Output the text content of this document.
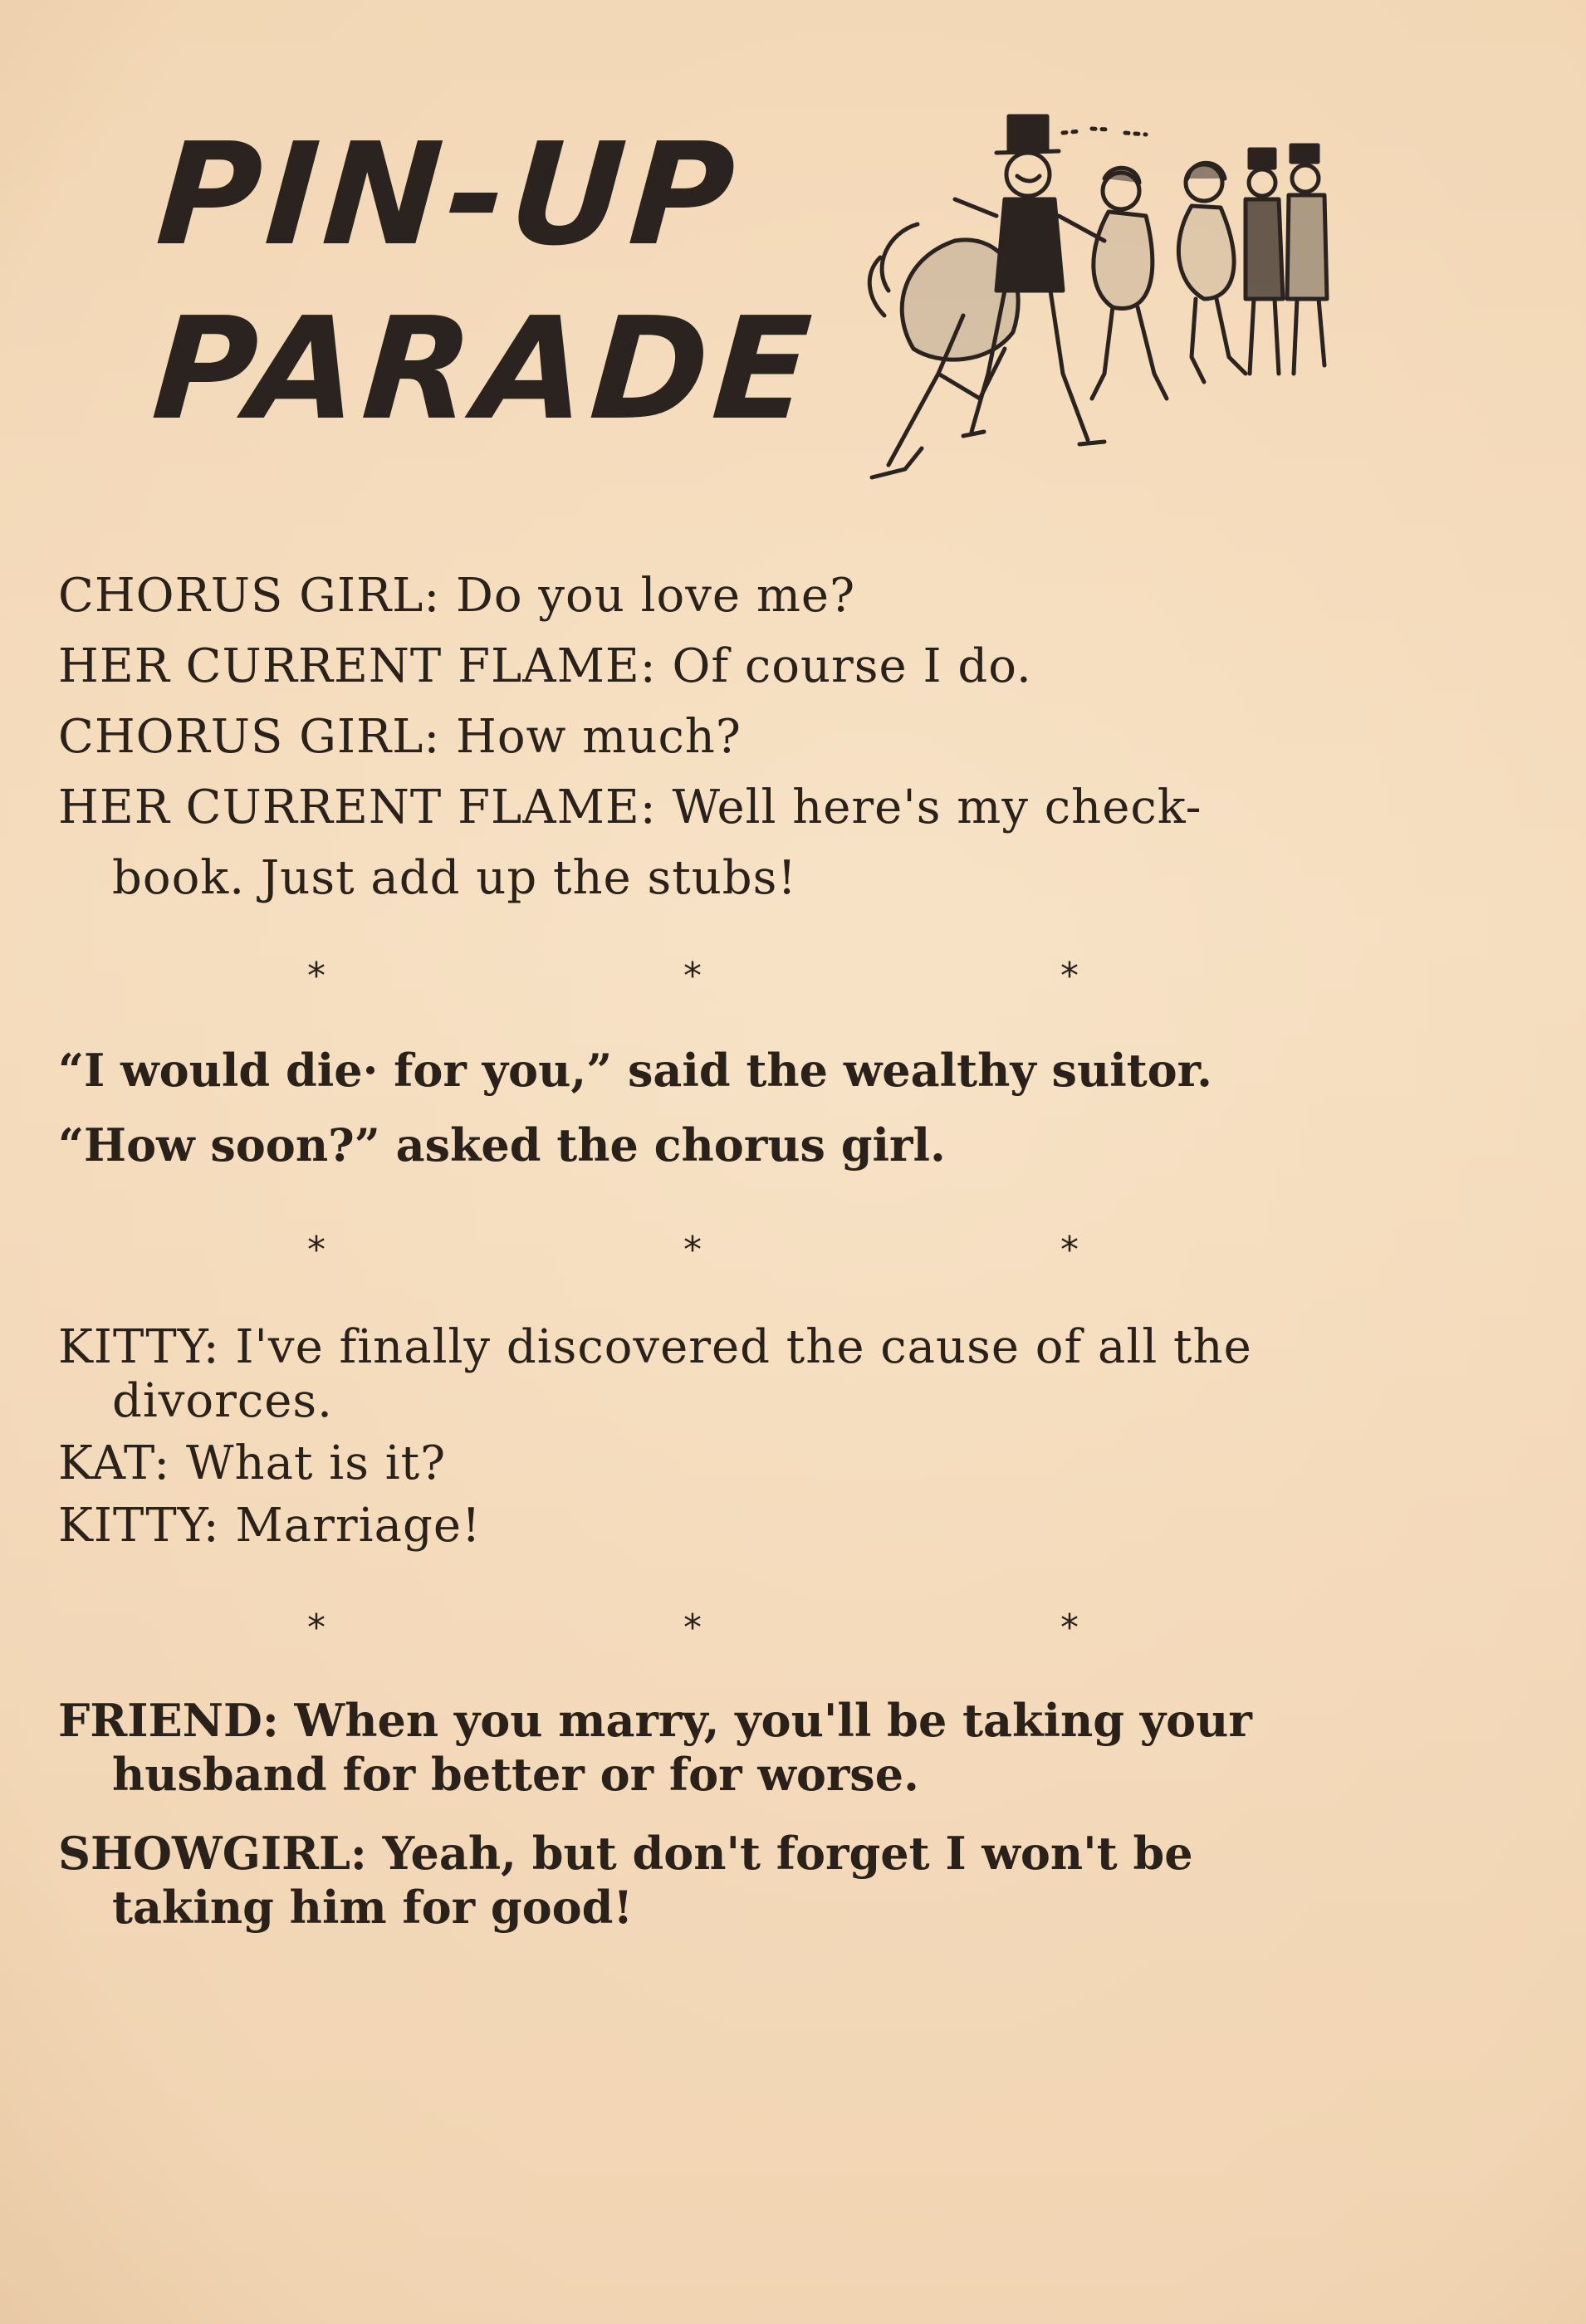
PIN-UP
PARADE
CHORUS GIRL: Do you love me?
HER CURRENT FLAME: Of course I do.
CHORUS GIRL: How much?
HER CURRENT FLAME: Well here's my check-
book. Just add up the stubs!
*	*	*
“I would die· for you,” said the wealthy suitor.
“How soon?” asked the chorus girl.
*	*	*
KITTY: I've finally discovered the cause of all the
divorces.
KAT: What is it?
KITTY: Marriage!
*	*	*
FRIEND: When you marry, you'll be taking your
husband for better or for worse.
SHOWGIRL: Yeah, but don't forget I won't be
taking him for good!
